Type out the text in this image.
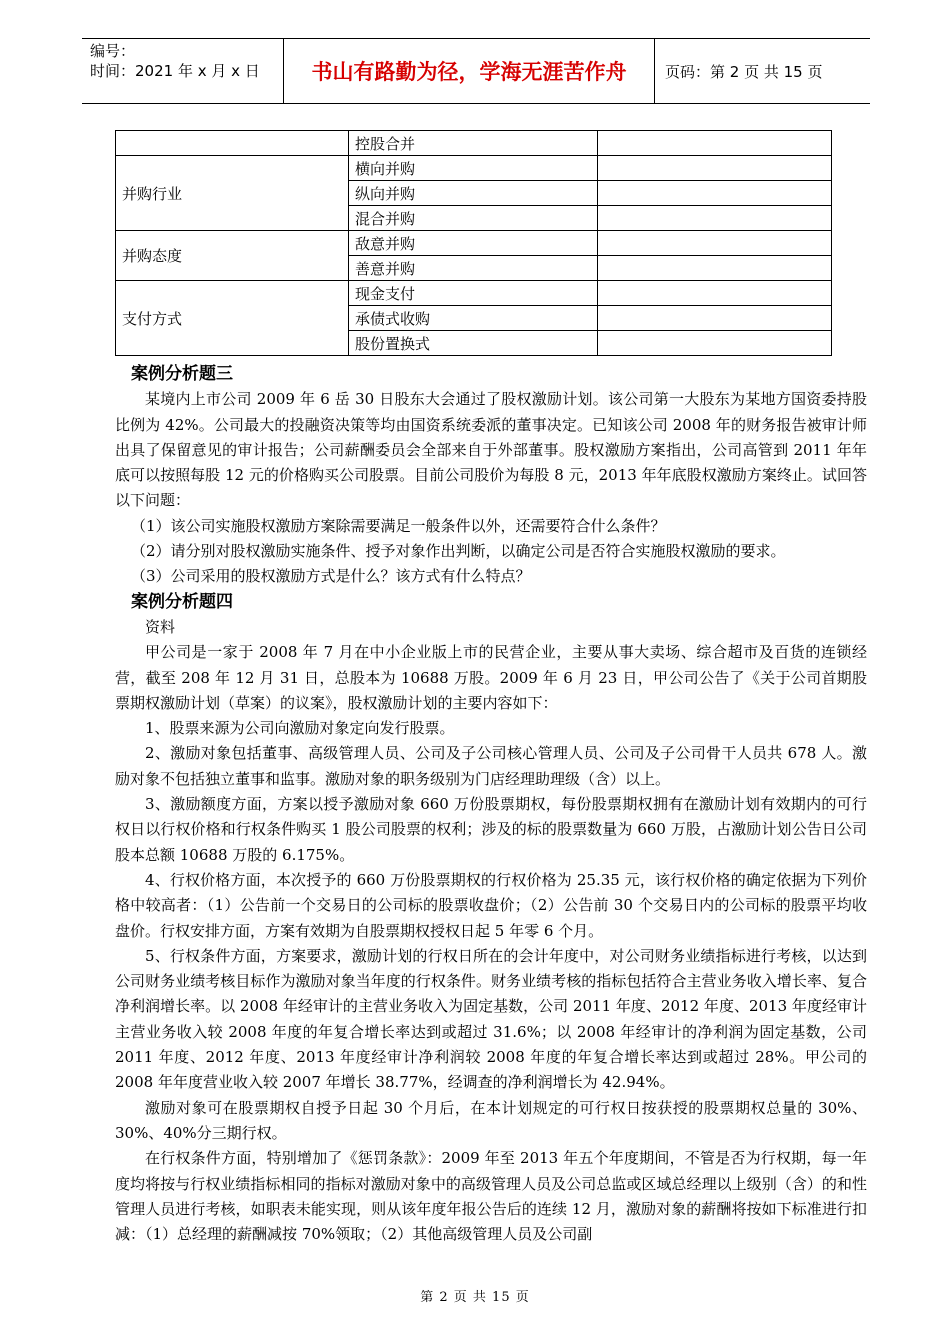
编号：
时间：2021 年 x 月 x 日	书山有路勤为径，学海无涯苦作舟	页码：第 2 页 共 15 页
	控股合并	
并购行业	横向并购	
	纵向并购	
	混合并购	
并购态度	敌意并购	
	善意并购	
支付方式	现金支付	
	承债式收购	
	股份置换式	

案例分析题三

某境内上市公司 2009 年 6 岳 30 日股东大会通过了股权激励计划。该公司第一大股东为某地方国资委持股比例为 42%。公司最大的投融资决策等均由国资系统委派的董事决定。已知该公司 2008 年的财务报告被审计师出具了保留意见的审计报告；公司薪酬委员会全部来自于外部董事。股权激励方案指出，公司高管到 2011 年年底可以按照每股 12 元的价格购买公司股票。目前公司股价为每股 8 元，2013 年年底股权激励方案终止。试回答以下问题：

（1）该公司实施股权激励方案除需要满足一般条件以外，还需要符合什么条件？

（2）请分别对股权激励实施条件、授予对象作出判断，以确定公司是否符合实施股权激励的要求。

（3）公司采用的股权激励方式是什么？该方式有什么特点？

案例分析题四

资料

甲公司是一家于 2008 年 7 月在中小企业版上市的民营企业，主要从事大卖场、综合超市及百货的连锁经营，截至 208 年 12 月 31 日，总股本为 10688 万股。2009 年 6 月 23 日，甲公司公告了《关于公司首期股票期权激励计划（草案）的议案》，股权激励计划的主要内容如下：

1、股票来源为公司向激励对象定向发行股票。

2、激励对象包括董事、高级管理人员、公司及子公司核心管理人员、公司及子公司骨干人员共 678 人。激励对象不包括独立董事和监事。激励对象的职务级别为门店经理助理级（含）以上。

3、激励额度方面，方案以授予激励对象 660 万份股票期权，每份股票期权拥有在激励计划有效期内的可行权日以行权价格和行权条件购买 1 股公司股票的权利；涉及的标的股票数量为 660 万股，占激励计划公告日公司股本总额 10688 万股的 6.175%。

4、行权价格方面，本次授予的 660 万份股票期权的行权价格为 25.35 元，该行权价格的确定依据为下列价格中较高者：（1）公告前一个交易日的公司标的股票收盘价；（2）公告前 30 个交易日内的公司标的股票平均收盘价。行权安排方面，方案有效期为自股票期权授权日起 5 年零 6 个月。

5、行权条件方面，方案要求，激励计划的行权日所在的会计年度中，对公司财务业绩指标进行考核，以达到公司财务业绩考核目标作为激励对象当年度的行权条件。财务业绩考核的指标包括符合主营业务收入增长率、复合净利润增长率。以 2008 年经审计的主营业务收入为固定基数，公司 2011 年度、2012 年度、2013 年度经审计主营业务收入较 2008 年度的年复合增长率达到或超过 31.6%；以 2008 年经审计的净利润为固定基数，公司 2011 年度、2012 年度、2013 年度经审计净利润较 2008 年度的年复合增长率达到或超过 28%。甲公司的 2008 年年度营业收入较 2007 年增长 38.77%，经调查的净利润增长为 42.94%。

激励对象可在股票期权自授予日起 30 个月后，在本计划规定的可行权日按获授的股票期权总量的 30%、30%、40%分三期行权。

在行权条件方面，特别增加了《惩罚条款》：2009 年至 2013 年五个年度期间，不管是否为行权期，每一年度均将按与行权业绩指标相同的指标对激励对象中的高级管理人员及公司总监或区域总经理以上级别（含）的和性管理人员进行考核，如职表未能实现，则从该年度年报公告后的连续 12 月，激励对象的薪酬将按如下标准进行扣减：（1）总经理的薪酬减按 70%领取；（2）其他高级管理人员及公司副

第 2 页 共 15 页
